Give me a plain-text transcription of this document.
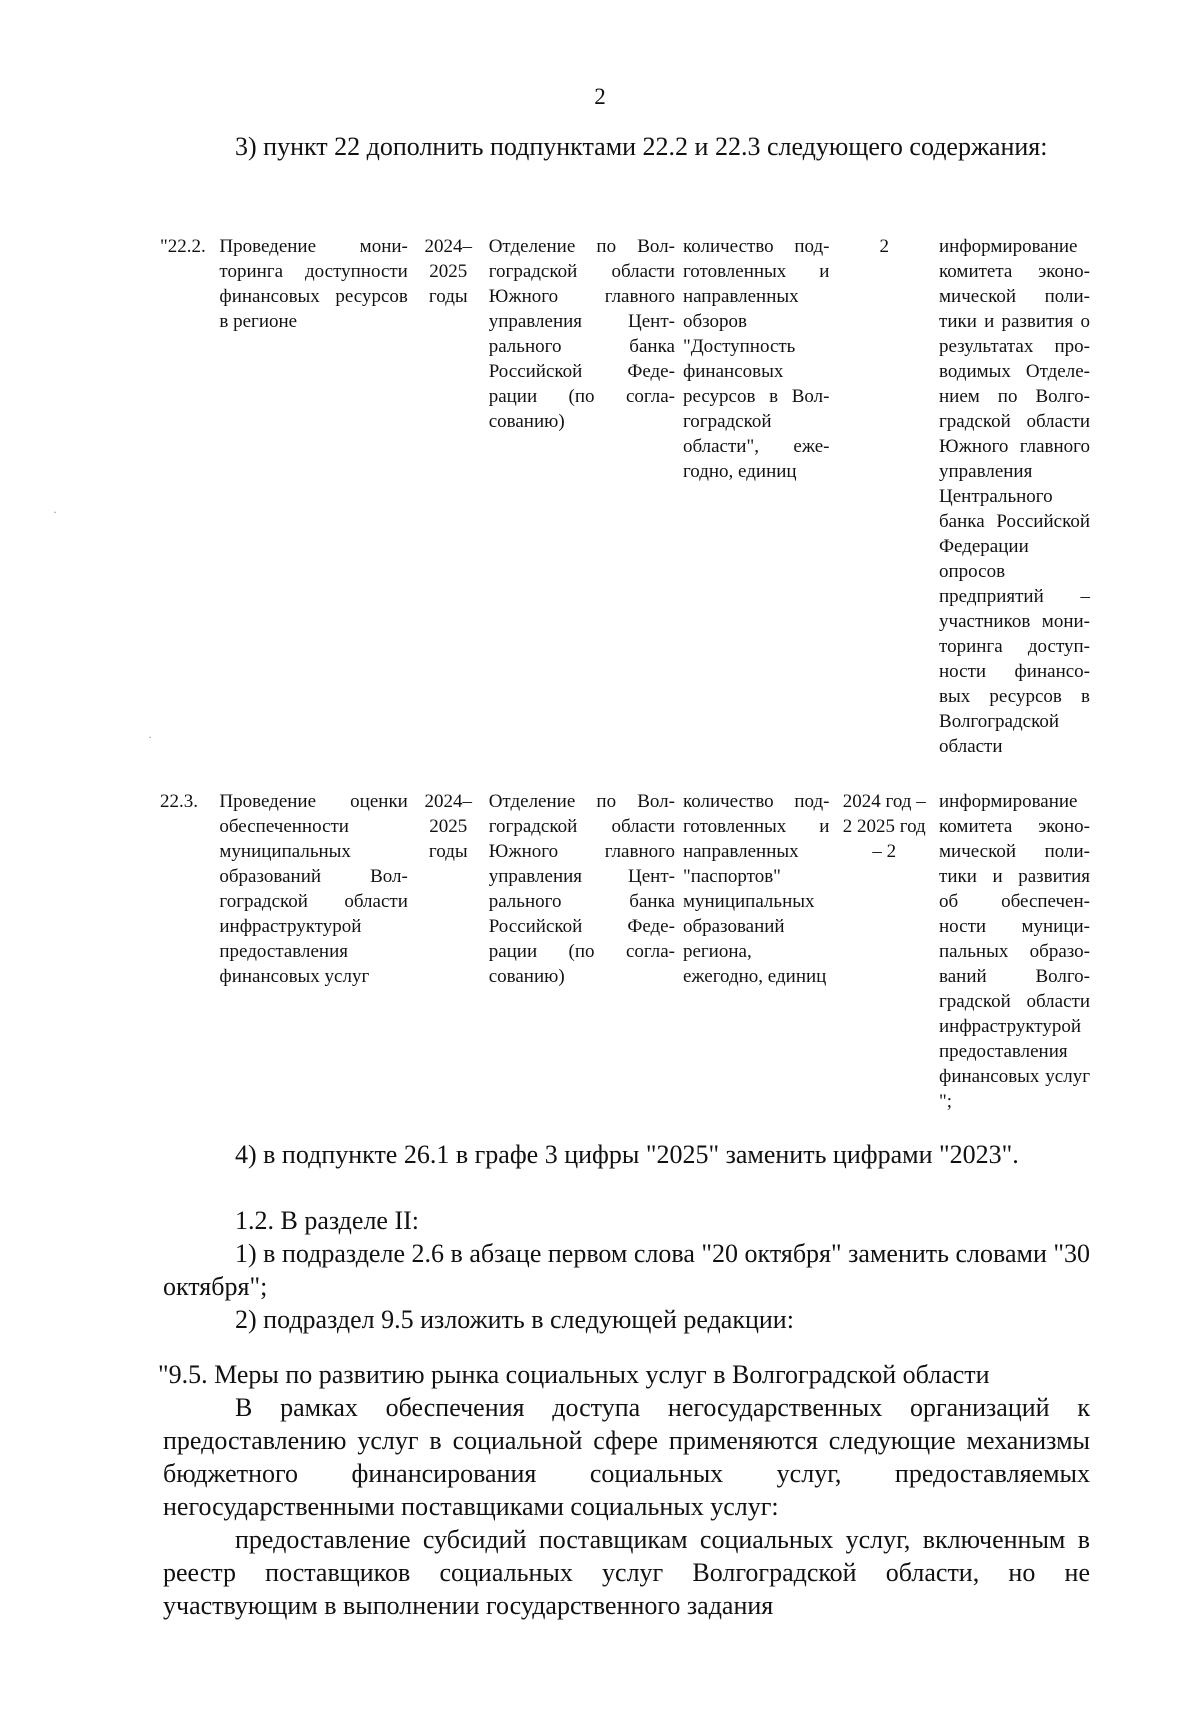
2

3) пункт 22 дополнить подпунктами 22.2 и 22.3 следующего содержания:

"22.2.	Проведение мониторинга доступности финансовых ресурсов в регионе	2024–2025 годы	Отделение по Волгоградской области Южного главного управления Центрального банка Российской Федерации (по согласованию)	количество подготовленных и направленных обзоров "Доступность финансовых ресурсов в Волгоградской области", ежегодно, единиц	2	информирование комитета экономической политики и развития о результатах проводимых Отделением по Волгоградской области Южного главного управления Центрального банка Российской Федерации опросов предприятий – участников мониторинга доступности финансовых ресурсов в Волгоградской области
22.3.	Проведение оценки обеспеченности муниципальных образований Волгоградской области инфраструктурой предоставления финансовых услуг	2024–2025 годы	Отделение по Волгоградской области Южного главного управления Центрального банка Российской Федерации (по согласованию)	количество подготовленных и направленных "паспортов" муниципальных образований региона, ежегодно, единиц	2024 год – 2 2025 год – 2	информирование комитета экономической политики и развития об обеспеченности муниципальных образований Волгоградской области инфраструктурой предоставления финансовых услуг ";

4) в подпункте 26.1 в графе 3 цифры "2025" заменить цифрами "2023".

1.2. В разделе II:

1) в подразделе 2.6 в абзаце первом слова "20 октября" заменить словами "30 октября";

2) подраздел 9.5 изложить в следующей редакции:

"9.5. Меры по развитию рынка социальных услуг в Волгоградской области

В рамках обеспечения доступа негосударственных организаций к предоставлению услуг в социальной сфере применяются следующие механизмы бюджетного финансирования социальных услуг, предоставляемых негосударственными поставщиками социальных услуг:

предоставление субсидий поставщикам социальных услуг, включенным в реестр поставщиков социальных услуг Волгоградской области, но не участвующим в выполнении государственного задания

·
·
